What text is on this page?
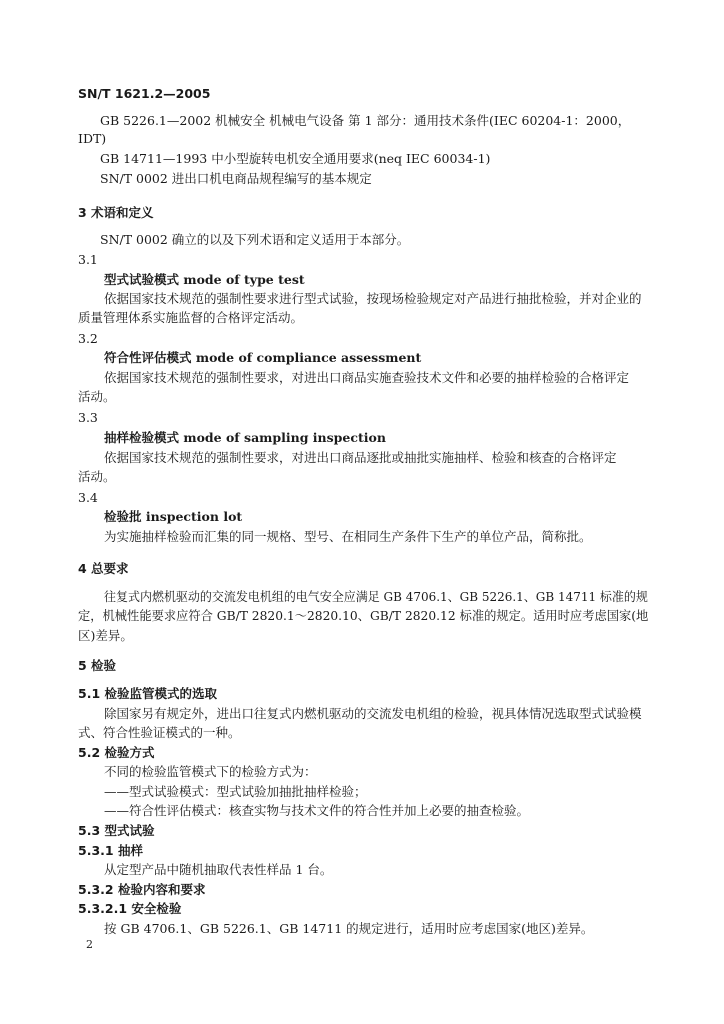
SN/T 1621.2—2005
GB 5226.1—2002 机械安全 机械电气设备 第 1 部分：通用技术条件(IEC 60204-1：2000，
IDT)
GB 14711—1993 中小型旋转电机安全通用要求(neq IEC 60034-1)
SN/T 0002 进出口机电商品规程编写的基本规定
3 术语和定义
SN/T 0002 确立的以及下列术语和定义适用于本部分。
3.1
型式试验模式 mode of type test
依据国家技术规范的强制性要求进行型式试验，按现场检验规定对产品进行抽批检验，并对企业的
质量管理体系实施监督的合格评定活动。
3.2
符合性评估模式 mode of compliance assessment
依据国家技术规范的强制性要求，对进出口商品实施查验技术文件和必要的抽样检验的合格评定
活动。
3.3
抽样检验模式 mode of sampling inspection
依据国家技术规范的强制性要求，对进出口商品逐批或抽批实施抽样、检验和核查的合格评定
活动。
3.4
检验批 inspection lot
为实施抽样检验而汇集的同一规格、型号、在相同生产条件下生产的单位产品，简称批。
4 总要求
往复式内燃机驱动的交流发电机组的电气安全应满足 GB 4706.1、GB 5226.1、GB 14711 标准的规
定，机械性能要求应符合 GB/T 2820.1～2820.10、GB/T 2820.12 标准的规定。适用时应考虑国家(地
区)差异。
5 检验
5.1 检验监管模式的选取
除国家另有规定外，进出口往复式内燃机驱动的交流发电机组的检验，视具体情况选取型式试验模
式、符合性验证模式的一种。
5.2 检验方式
不同的检验监管模式下的检验方式为：
——型式试验模式：型式试验加抽批抽样检验；
——符合性评估模式：核查实物与技术文件的符合性并加上必要的抽查检验。
5.3 型式试验
5.3.1 抽样
从定型产品中随机抽取代表性样品 1 台。
5.3.2 检验内容和要求
5.3.2.1 安全检验
按 GB 4706.1、GB 5226.1、GB 14711 的规定进行，适用时应考虑国家(地区)差异。
2
